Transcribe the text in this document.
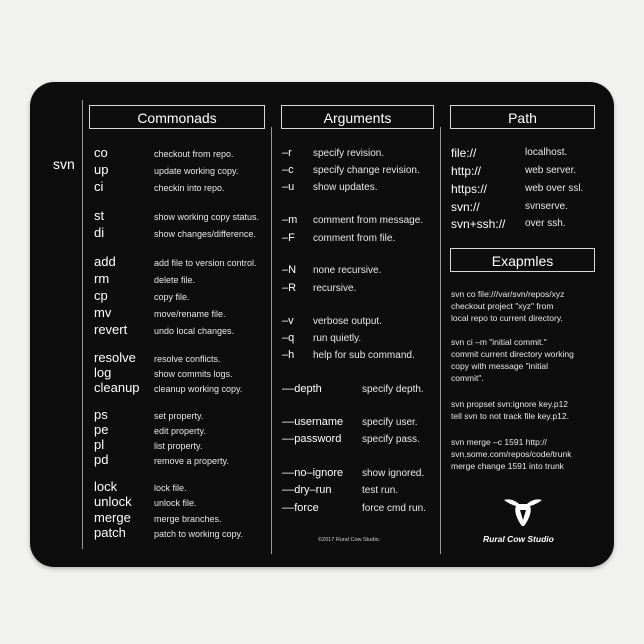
Commonads	Arguments	Path
Exapmles
svn
co	checkout from repo.
up	update working copy.
ci	checkin into repo.
st	show working copy status.
di	show changes/difference.
add	add file to version control.
rm	delete file.
cp	copy file.
mv	move/rename file.
revert	undo local changes.
resolve resolve conflicts.
log	show commits logs.
cleanup cleanup working copy.
ps	set property.
pe	edit property.
pl	list property.
pd	remove a property.
lock	lock file.
unlock unlock file.
merge	merge branches.
patch	patch to working copy.
–r specify revision.
–c specify change revision.
–u show updates.
–m comment from message.
–F comment from file.
–N none recursive.
–R recursive.
–v verbose output.
–q run quietly.
–h help for sub command.
––depth	specify depth.
––username specify user.
––password specify pass.
––no–ignore show ignored.
––dry–run	test run.
––force	force cmd run.
file://	localhost.
http://	web server.
https://	web over ssl.
svn://	svnserve.
svn+ssh:// over ssh.
svn co file:///var/svn/repos/xyz
checkout project "xyz" from
local repo to current directory.
svn ci –m "initial commit."
commit current directory working
copy with message "initial
commit".
svn propset svn:ignore key.p12
tell svn to not track file key.p12.
svn merge –c 1591 http://
svn.some.com/repos/code/trunk
merge change 1591 into trunk
©2017 Rural Cow Studio.	Rural Cow Studio
